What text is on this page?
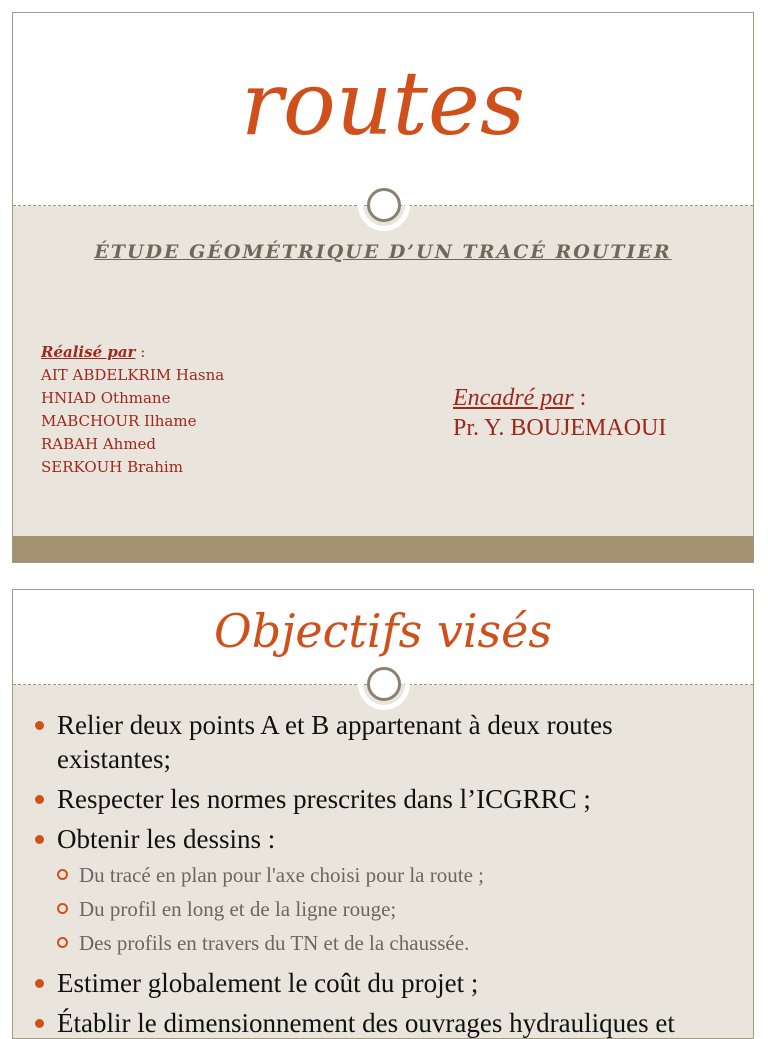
routes
ÉTUDE GÉOMÉTRIQUE D’UN TRACÉ ROUTIER
Réalisé par :
AIT ABDELKRIM Hasna
HNIAD Othmane
MABCHOUR Ilhame
RABAH Ahmed
SERKOUH Brahim
Encadré par :
Pr. Y. BOUJEMAOUI
Objectifs visés
Relier deux points A et B appartenant à deux routes existantes;
Respecter les normes prescrites dans l’ICGRRC ;
Obtenir les dessins :
Du tracé en plan pour l'axe choisi pour la route ;
Du profil en long et de la ligne rouge;
Des profils en travers du TN et de la chaussée.
Estimer globalement le coût du projet ;
Établir le dimensionnement des ouvrages hydrauliques et
